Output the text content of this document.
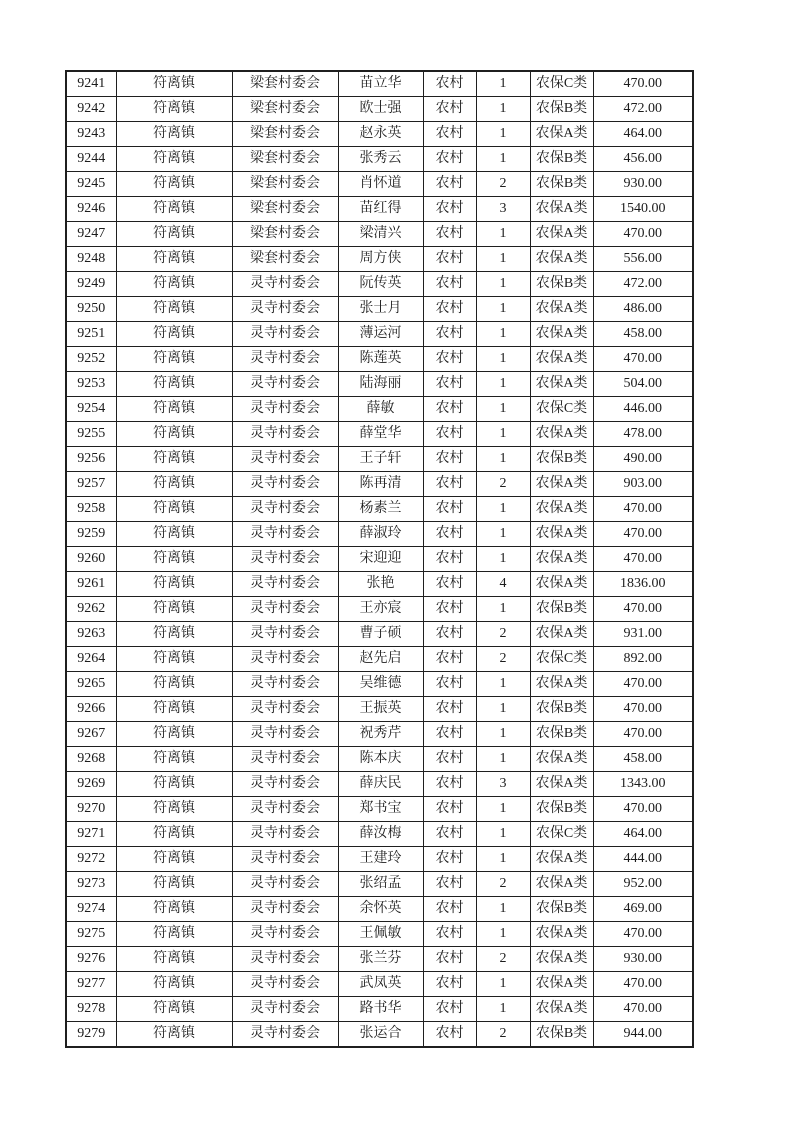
9241	符离镇	梁套村委会	苗立华	农村	1	农保C类	470.00
9242	符离镇	梁套村委会	欧士强	农村	1	农保B类	472.00
9243	符离镇	梁套村委会	赵永英	农村	1	农保A类	464.00
9244	符离镇	梁套村委会	张秀云	农村	1	农保B类	456.00
9245	符离镇	梁套村委会	肖怀道	农村	2	农保B类	930.00
9246	符离镇	梁套村委会	苗红得	农村	3	农保A类	1540.00
9247	符离镇	梁套村委会	梁清兴	农村	1	农保A类	470.00
9248	符离镇	梁套村委会	周方侠	农村	1	农保A类	556.00
9249	符离镇	灵寺村委会	阮传英	农村	1	农保B类	472.00
9250	符离镇	灵寺村委会	张士月	农村	1	农保A类	486.00
9251	符离镇	灵寺村委会	薄运河	农村	1	农保A类	458.00
9252	符离镇	灵寺村委会	陈莲英	农村	1	农保A类	470.00
9253	符离镇	灵寺村委会	陆海丽	农村	1	农保A类	504.00
9254	符离镇	灵寺村委会	薛敏	农村	1	农保C类	446.00
9255	符离镇	灵寺村委会	薛堂华	农村	1	农保A类	478.00
9256	符离镇	灵寺村委会	王子轩	农村	1	农保B类	490.00
9257	符离镇	灵寺村委会	陈再清	农村	2	农保A类	903.00
9258	符离镇	灵寺村委会	杨素兰	农村	1	农保A类	470.00
9259	符离镇	灵寺村委会	薛淑玲	农村	1	农保A类	470.00
9260	符离镇	灵寺村委会	宋迎迎	农村	1	农保A类	470.00
9261	符离镇	灵寺村委会	张艳	农村	4	农保A类	1836.00
9262	符离镇	灵寺村委会	王亦宸	农村	1	农保B类	470.00
9263	符离镇	灵寺村委会	曹子硕	农村	2	农保A类	931.00
9264	符离镇	灵寺村委会	赵先启	农村	2	农保C类	892.00
9265	符离镇	灵寺村委会	吴维德	农村	1	农保A类	470.00
9266	符离镇	灵寺村委会	王振英	农村	1	农保B类	470.00
9267	符离镇	灵寺村委会	祝秀芹	农村	1	农保B类	470.00
9268	符离镇	灵寺村委会	陈本庆	农村	1	农保A类	458.00
9269	符离镇	灵寺村委会	薛庆民	农村	3	农保A类	1343.00
9270	符离镇	灵寺村委会	郑书宝	农村	1	农保B类	470.00
9271	符离镇	灵寺村委会	薛汝梅	农村	1	农保C类	464.00
9272	符离镇	灵寺村委会	王建玲	农村	1	农保A类	444.00
9273	符离镇	灵寺村委会	张绍孟	农村	2	农保A类	952.00
9274	符离镇	灵寺村委会	余怀英	农村	1	农保B类	469.00
9275	符离镇	灵寺村委会	王佩敏	农村	1	农保A类	470.00
9276	符离镇	灵寺村委会	张兰芬	农村	2	农保A类	930.00
9277	符离镇	灵寺村委会	武凤英	农村	1	农保A类	470.00
9278	符离镇	灵寺村委会	路书华	农村	1	农保A类	470.00
9279	符离镇	灵寺村委会	张运合	农村	2	农保B类	944.00
